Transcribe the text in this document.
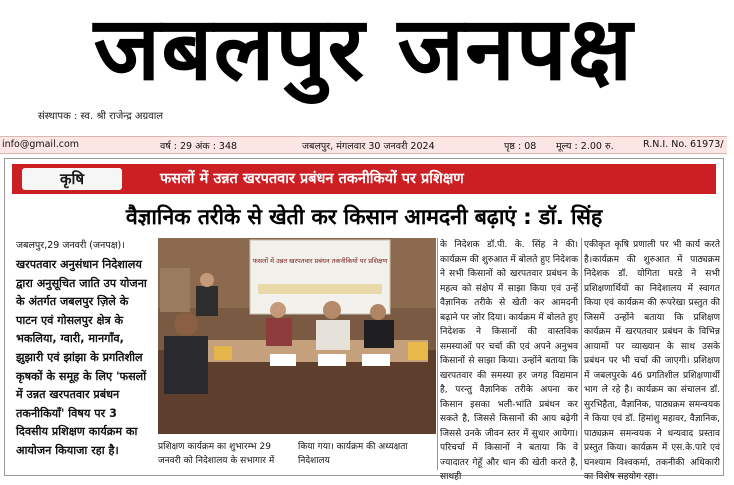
जबलपुर जनपक्ष
संस्थापक : स्व. श्री राजेन्द्र अग्रवाल
info@gmail.com	वर्ष : 29 अंक : 348	जबलपुर, मंगलवार 30 जनवरी 2024	पृष्ठ : 08 मूल्य : 2.00 रु.	R.N.I. No. 61973/
कृषि	फसलों में उन्नत खरपतवार प्रबंधन तकनीकियों पर प्रशिक्षण
वैज्ञानिक तरीके से खेती कर किसान आमदनी बढ़ाएं : डॉ. सिंह
जबलपुर,29 जनवरी (जनपक्ष)।

खरपतवार अनुसंधान निदेशालय द्वारा अनुसूचित जाति उप योजना के अंतर्गत जबलपुर ज़िले के पाटन एवं गोसलपुर क्षेत्र के भकलिया, ग्वारी, मानगाँव, झुझारी एवं झांझा के प्रगतिशील कृषकों के समूह के लिए 'फसलों में उन्नत खरपतवार प्रबंधन तकनीकियाँ' विषय पर 3 दिवसीय प्रशिक्षण कार्यक्रम का आयोजन कियाजा रहा है।

फसलों में उन्नत खरपतवार प्रबंधन तकनीकियों पर प्रशिक्षण
प्रशिक्षण कार्यक्रम का शुभारम्भ 29 जनवरी को निदेशालय के सभागार में
किया गया। कार्यक्रम की अध्यक्षता निदेशालय

के निदेशक डॉ.पी. के. सिंह ने की। कार्यक्रम की शुरुआत में बोलते हुए निदेशक ने सभी किसानों को खरपतवार प्रबंधन के महत्व को संक्षेप में साझा किया एवं उन्हें वैज्ञानिक तरीके से खेती कर आमदनी बढ़ाने पर जोर दिया। कार्यक्रम में बोलते हुए निदेशक ने किसानों की वास्तविक समस्याओं पर चर्चा की एवं अपने अनुभव किसानों से साझा किया। उन्होंने बताया कि खरपतवार की समस्या हर जगह विद्यमान है, परन्तु वैज्ञानिक तरीके अपना कर किसान इसका भली-भांति प्रबंधन कर सकते है, जिससे किसानों की आय बढ़ेगी जिससे उनके जीवन स्तर में सुधार आयेगा। परिचर्चा में किसानों ने बताया कि वे ज्यादातर गेहूँ और धान की खेती करते है, साथही

एकीकृत कृषि प्रणाली पर भी कार्य करते है।कार्यक्रम की शुरुआत में पाठ्यक्रम निदेशक डॉ. योगिता घरडे ने सभी प्रशिक्षणार्थियों का निदेशालय में स्वागत किया एवं कार्यक्रम की रूपरेखा प्रस्तुत की जिसमें उन्होंने बताया कि प्रशिक्षण कार्यक्रम में खरपतवार प्रबंधन के विभिन्न आयामों पर व्याख्यान के साथ उसके प्रबंधन पर भी चर्चा की जाएगी। प्रशिक्षण में जबलपुरके 46 प्रगतिशील प्रशिक्षणार्थी भाग ले रहे है। कार्यक्रम का संचालन डॉ. सुरभिहैता, वैज्ञानिक, पाठ्यक्रम समन्वयक ने किया एवं डॉ. हिमांशु महावर, वैज्ञानिक, पाठ्यक्रम समन्वयक ने धन्यवाद प्रस्ताव प्रस्तुत किया। कार्यक्रम में एस.के.पारे एवं घनश्याम विश्वकर्मा, तकनीकी अधिकारी का विशेष सहयोग रहा।
